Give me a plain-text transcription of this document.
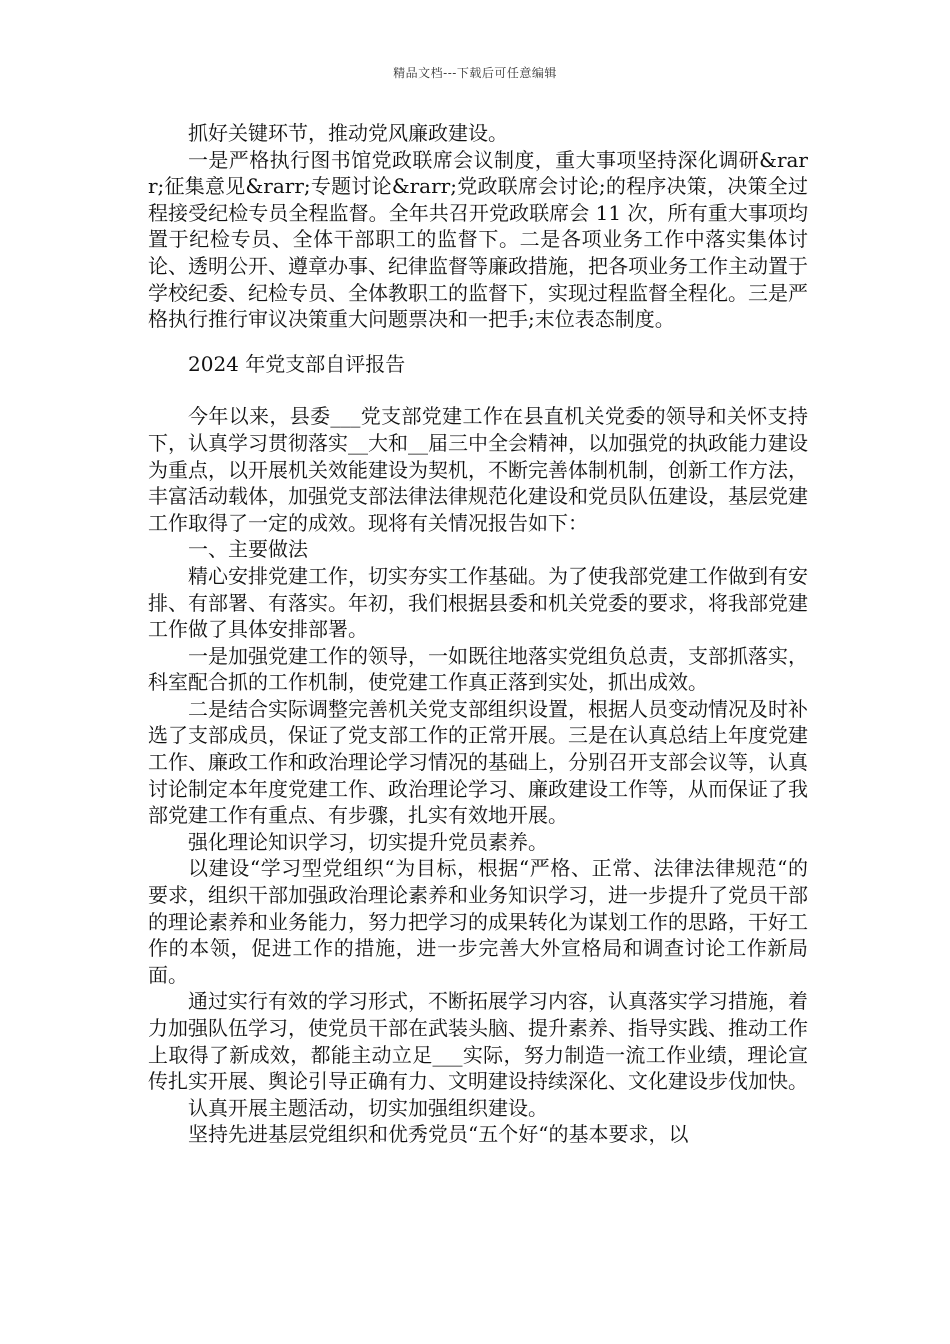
精品文档---下载后可任意编辑

抓好关键环节，推动党风廉政建设。

一是严格执行图书馆党政联席会议制度，重大事项坚持深化调研&rarr;征集意见&rarr;专题讨论&rarr;党政联席会讨论;的程序决策，决策全过程接受纪检专员全程监督。全年共召开党政联席会 11 次，所有重大事项均置于纪检专员、全体干部职工的监督下。二是各项业务工作中落实集体讨论、透明公开、遵章办事、纪律监督等廉政措施，把各项业务工作主动置于学校纪委、纪检专员、全体教职工的监督下，实现过程监督全程化。三是严格执行推行审议决策重大问题票决和一把手;末位表态制度。

2024 年党支部自评报告

今年以来，县委___党支部党建工作在县直机关党委的领导和关怀支持下，认真学习贯彻落实__大和__届三中全会精神，以加强党的执政能力建设为重点，以开展机关效能建设为契机，不断完善体制机制，创新工作方法，丰富活动载体，加强党支部法律法律规范化建设和党员队伍建设，基层党建工作取得了一定的成效。现将有关情况报告如下：

一、主要做法

精心安排党建工作，切实夯实工作基础。为了使我部党建工作做到有安排、有部署、有落实。年初，我们根据县委和机关党委的要求，将我部党建工作做了具体安排部署。

一是加强党建工作的领导，一如既往地落实党组负总责，支部抓落实，科室配合抓的工作机制，使党建工作真正落到实处，抓出成效。

二是结合实际调整完善机关党支部组织设置，根据人员变动情况及时补选了支部成员，保证了党支部工作的正常开展。三是在认真总结上年度党建工作、廉政工作和政治理论学习情况的基础上，分别召开支部会议等，认真讨论制定本年度党建工作、政治理论学习、廉政建设工作等，从而保证了我部党建工作有重点、有步骤，扎实有效地开展。

强化理论知识学习，切实提升党员素养。

以建设“学习型党组织“为目标，根据“严格、正常、法律法律规范“的要求，组织干部加强政治理论素养和业务知识学习，进一步提升了党员干部的理论素养和业务能力，努力把学习的成果转化为谋划工作的思路，干好工作的本领，促进工作的措施，进一步完善大外宣格局和调查讨论工作新局面。

通过实行有效的学习形式，不断拓展学习内容，认真落实学习措施，着力加强队伍学习，使党员干部在武装头脑、提升素养、指导实践、推动工作上取得了新成效，都能主动立足___实际，努力制造一流工作业绩，理论宣传扎实开展、舆论引导正确有力、文明建设持续深化、文化建设步伐加快。

认真开展主题活动，切实加强组织建设。

坚持先进基层党组织和优秀党员“五个好“的基本要求，以
